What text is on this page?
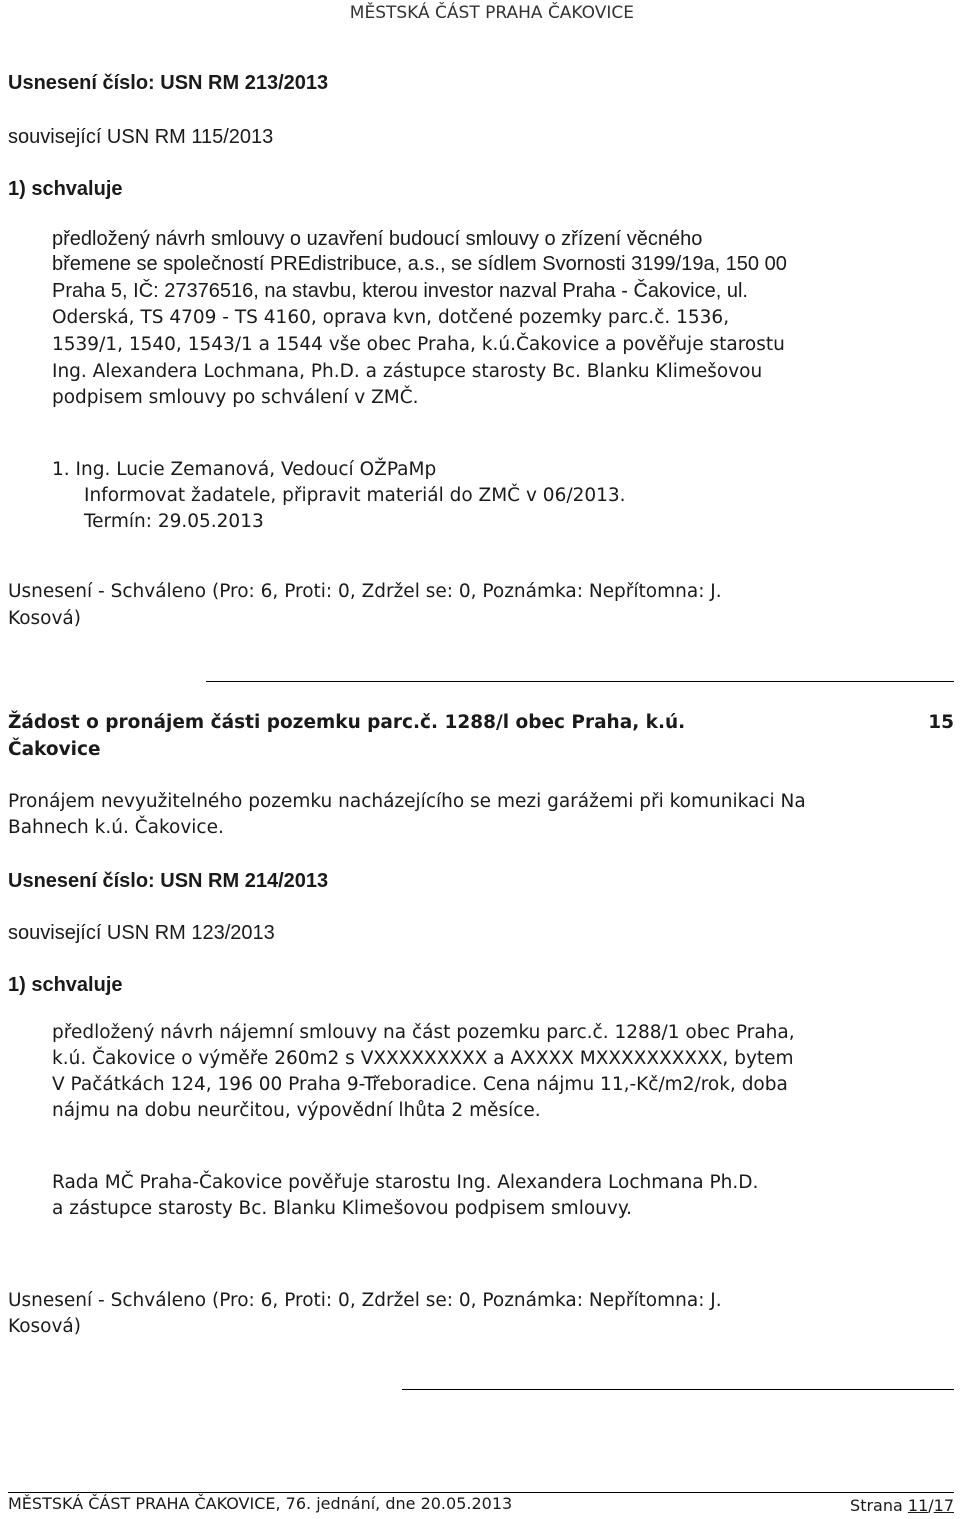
MĚSTSKÁ ČÁST PRAHA ČAKOVICE
Usnesení číslo: USN RM 213/2013
související USN RM 115/2013
1) schvaluje
předložený návrh smlouvy o uzavření budoucí smlouvy o zřízení věcného
břemene se společností PREdistribuce, a.s., se sídlem Svornosti 3199/19a, 150 00
Praha 5, IČ: 27376516, na stavbu, kterou investor nazval Praha - Čakovice, ul.
Oderská, TS 4709 - TS 4160, oprava kvn, dotčené pozemky parc.č. 1536,
1539/1, 1540, 1543/1 a 1544 vše obec Praha, k.ú.Čakovice a pověřuje starostu
Ing. Alexandera Lochmana, Ph.D. a zástupce starosty Bc. Blanku Klimešovou
podpisem smlouvy po schválení v ZMČ.
1. Ing. Lucie Zemanová, Vedoucí OŽPaMp
Informovat žadatele, připravit materiál do ZMČ v 06/2013.
Termín: 29.05.2013
Usnesení - Schváleno (Pro: 6, Proti: 0, Zdržel se: 0, Poznámka: Nepřítomna: J.
Kosová)
Žádost o pronájem části pozemku parc.č. 1288/l obec Praha, k.ú.	15
Čakovice
Pronájem nevyužitelného pozemku nacházejícího se mezi garážemi při komunikaci Na
Bahnech k.ú. Čakovice.
Usnesení číslo: USN RM 214/2013
související USN RM 123/2013
1) schvaluje
předložený návrh nájemní smlouvy na část pozemku parc.č. 1288/1 obec Praha,
k.ú. Čakovice o výměře 260m2 s VXXXXXXXXX a AXXXX MXXXXXXXXXX, bytem
V Pačátkách 124, 196 00 Praha 9-Třeboradice. Cena nájmu 11,-Kč/m2/rok, doba
nájmu na dobu neurčitou, výpovědní lhůta 2 měsíce.
Rada MČ Praha-Čakovice pověřuje starostu Ing. Alexandera Lochmana Ph.D.
a zástupce starosty Bc. Blanku Klimešovou podpisem smlouvy.
Usnesení - Schváleno (Pro: 6, Proti: 0, Zdržel se: 0, Poznámka: Nepřítomna: J.
Kosová)
MĚSTSKÁ ČÁST PRAHA ČAKOVICE, 76. jednání, dne 20.05.2013	Strana 11/17
